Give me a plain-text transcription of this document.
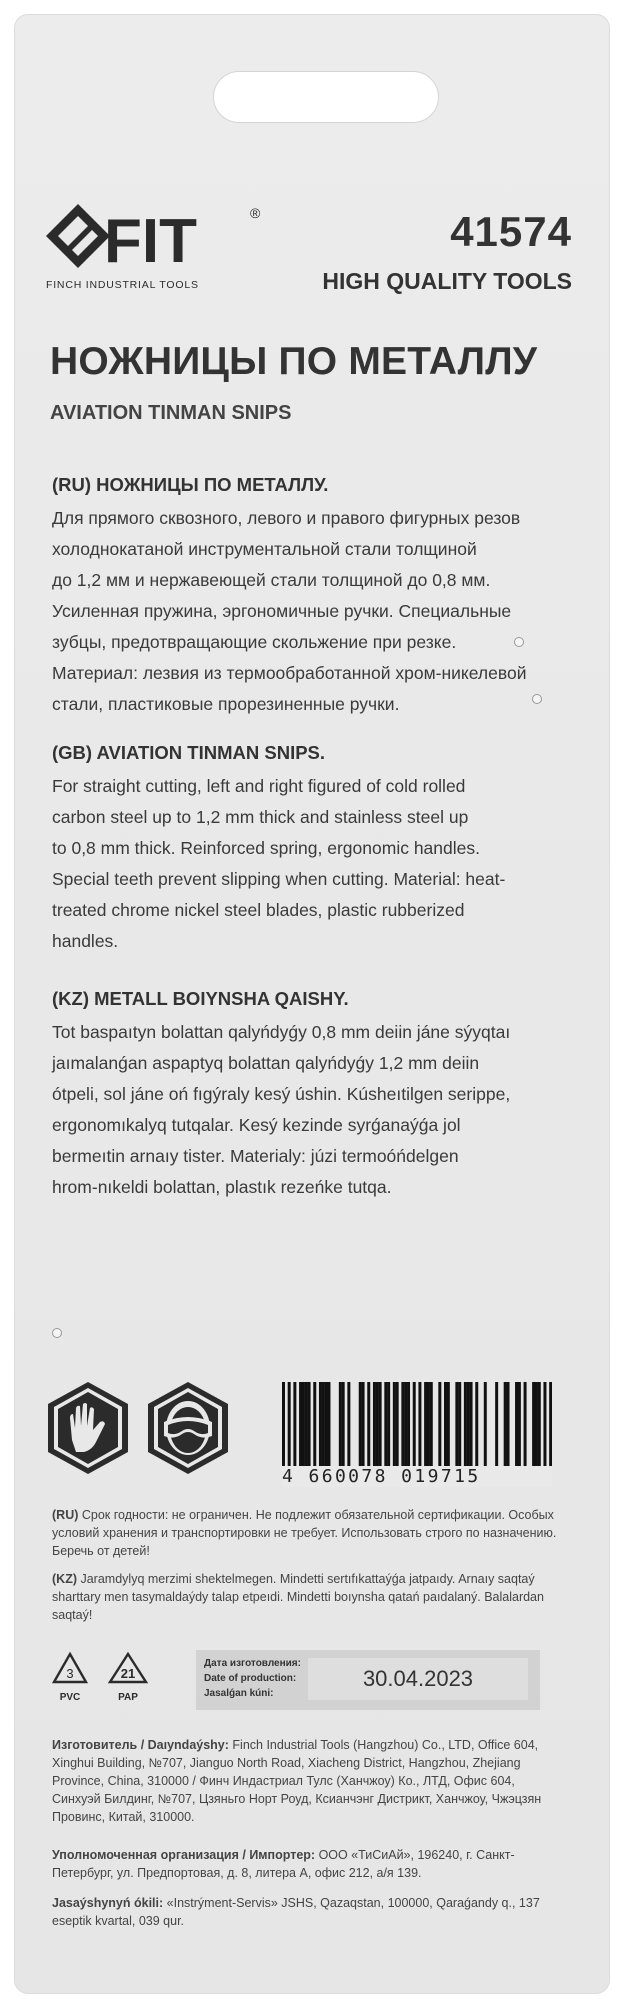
FIT	®
FINCH INDUSTRIAL TOOLS
41574
HIGH QUALITY TOOLS
НОЖНИЦЫ ПО МЕТАЛЛУ
AVIATION TINMAN SNIPS
(RU) НОЖНИЦЫ ПО МЕТАЛЛУ.
Для прямого сквозного, левого и правого фигурных резов
холоднокатаной инструментальной стали толщиной
до 1,2 мм и нержавеющей стали толщиной до 0,8 мм.
Усиленная пружина, эргономичные ручки. Специальные
зубцы, предотвращающие скольжение при резке.
Материал: лезвия из термообработанной хром-никелевой
стали, пластиковые прорезиненные ручки.
(GB) AVIATION TINMAN SNIPS.
For straight cutting, left and right figured of cold rolled
carbon steel up to 1,2 mm thick and stainless steel up
to 0,8 mm thick. Reinforced spring, ergonomic handles.
Special teeth prevent slipping when cutting. Material: heat-
treated chrome nickel steel blades, plastic rubberized
handles.
(KZ) METALL BOIYNSHA QAISHY.
Tot baspaıtyn bolattan qalyńdyǵy 0,8 mm deiin jáne sýyqtaı
jaımalanǵan aspaptyq bolattan qalyńdyǵy 1,2 mm deiin
ótpeli, sol jáne oń fıgýraly kesý úshin. Kúsheıtilgen serippe,
ergonomıkalyq tutqalar. Kesý kezinde syrǵanaýǵa jol
bermeıtin arnaıy tister. Materialy: júzi termoóńdelgen
hrom-nıkeldi bolattan, plastık rezeńke tutqa.
4 660078 019715
(RU) Срок годности: не ограничен. Не подлежит обязательной сертификации. Особых условий хранения и транспортировки не требует. Использовать строго по назначению. Беречь от детей!
(KZ) Jaramdylyq merzimi shektelmegen. Mindetti sertıfıkattaýǵa jatpaıdy. Arnaıy saqtaý sharttary men tasymaldaýdy talap etpeıdi. Mindetti boıynsha qatań paıdalaný. Balalardan saqtaý!
3
PVC
21
PAP
Дата изготовления:
Date of production:
Jasalǵan kúni:
30.04.2023
Изготовитель / Daıyndaýshy: Finch Industrial Tools (Hangzhou) Co., LTD, Office 604, Xinghui Building, №707, Jianguo North Road, Xiacheng District, Hangzhou, Zhejiang Province, China, 310000 / Финч Индастриал Тулс (Ханчжоу) Ко., ЛТД, Офис 604, Синхуэй Билдинг, №707, Цзяньго Норт Роуд, Ксианчэнг Дистрикт, Ханчжоу, Чжэцзян Провинс, Китай, 310000.
Уполномоченная организация / Импортер: ООО «ТиСиАй», 196240, г. Санкт-Петербург, ул. Предпортовая, д. 8, литера А, офис 212, а/я 139.
Jasaýshynyń ókili: «Instrýment-Servis» JSHS, Qazaqstan, 100000, Qaraǵandy q., 137 eseptik kvartal, 039 qur.
